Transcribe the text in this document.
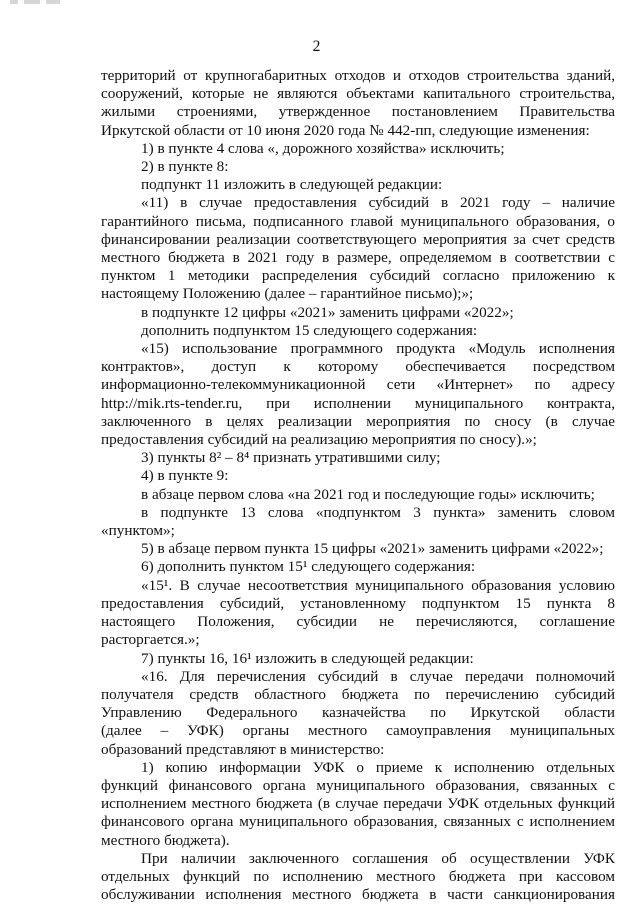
2

территорий от крупногабаритных отходов и отходов строительства зданий,

сооружений, которые не являются объектами капитального строительства,

жилыми строениями, утвержденное постановлением Правительства

Иркутской области от 10 июня 2020 года № 442-пп, следующие изменения:

1) в пункте 4 слова «, дорожного хозяйства» исключить;

2) в пункте 8:

подпункт 11 изложить в следующей редакции:

«11) в случае предоставления субсидий в 2021 году – наличие

гарантийного письма, подписанного главой муниципального образования, о

финансировании реализации соответствующего мероприятия за счет средств

местного бюджета в 2021 году в размере, определяемом в соответствии с

пунктом 1 методики распределения субсидий согласно приложению к

настоящему Положению (далее – гарантийное письмо);»;

в подпункте 12 цифры «2021» заменить цифрами «2022»;

дополнить подпунктом 15 следующего содержания:

«15) использование программного продукта «Модуль исполнения

контрактов», доступ к которому обеспечивается посредством

информационно-телекоммуникационной сети «Интернет» по адресу

http://mik.rts-tender.ru, при исполнении муниципального контракта,

заключенного в целях реализации мероприятия по сносу (в случае

предоставления субсидий на реализацию мероприятия по сносу).»;

3) пункты 8² – 8⁴ признать утратившими силу;

4) в пункте 9:

в абзаце первом слова «на 2021 год и последующие годы» исключить;

в подпункте 13 слова «подпунктом 3 пункта» заменить словом

«пунктом»;

5) в абзаце первом пункта 15 цифры «2021» заменить цифрами «2022»;

6) дополнить пунктом 15¹ следующего содержания:

«15¹. В случае несоответствия муниципального образования условию

предоставления субсидий, установленному подпунктом 15 пункта 8

настоящего Положения, субсидии не перечисляются, соглашение

расторгается.»;

7) пункты 16, 16¹ изложить в следующей редакции:

«16. Для перечисления субсидий в случае передачи полномочий

получателя средств областного бюджета по перечислению субсидий

Управлению Федерального казначейства по Иркутской области

(далее – УФК) органы местного самоуправления муниципальных

образований представляют в министерство:

1) копию информации УФК о приеме к исполнению отдельных

функций финансового органа муниципального образования, связанных с

исполнением местного бюджета (в случае передачи УФК отдельных функций

финансового органа муниципального образования, связанных с исполнением

местного бюджета).

При наличии заключенного соглашения об осуществлении УФК

отдельных функций по исполнению местного бюджета при кассовом

обслуживании исполнения местного бюджета в части санкционирования
